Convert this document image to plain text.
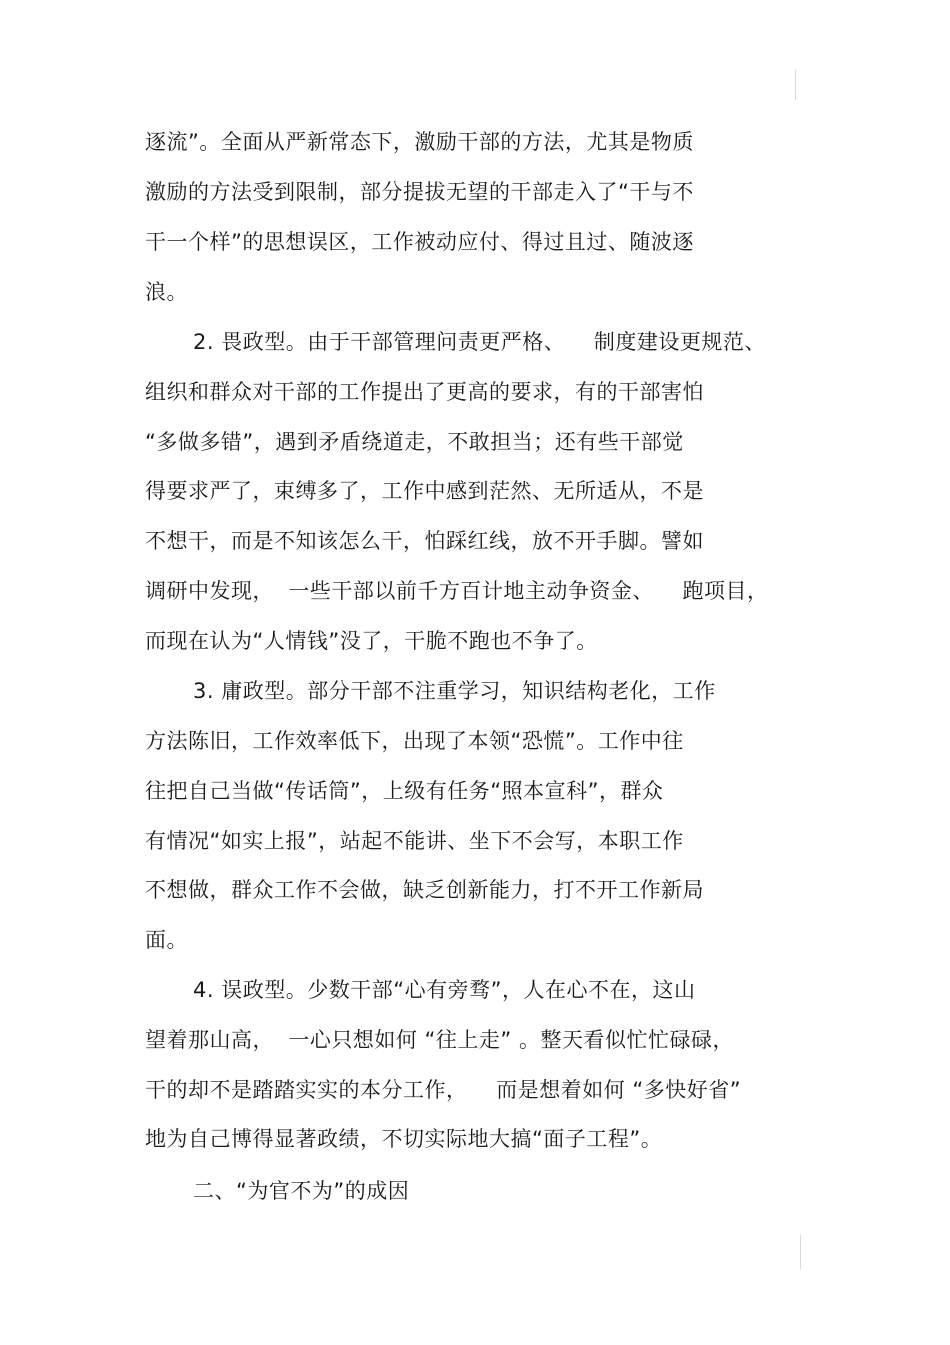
逐流”。全面从严新常态下，激励干部的方法，尤其是物质
激励的方法受到限制，部分提拔无望的干部走入了“干与不
干一个样”的思想误区，工作被动应付、得过且过、随波逐
浪。
2. 畏政型。由于干部管理问责更严格、    制度建设更规范、
组织和群众对干部的工作提出了更高的要求，有的干部害怕
“多做多错”，遇到矛盾绕道走，不敢担当；还有些干部觉
得要求严了，束缚多了，工作中感到茫然、无所适从，不是
不想干，而是不知该怎么干，怕踩红线，放不开手脚。譬如
调研中发现，  一些干部以前千方百计地主动争资金、    跑项目，
而现在认为“人情钱”没了，干脆不跑也不争了。
3. 庸政型。部分干部不注重学习，知识结构老化，工作
方法陈旧，工作效率低下，出现了本领“恐慌”。工作中往
往把自己当做“传话筒”，上级有任务“照本宣科”，群众
有情况“如实上报”，站起不能讲、坐下不会写，本职工作
不想做，群众工作不会做，缺乏创新能力，打不开工作新局
面。
4. 误政型。少数干部“心有旁骛”，人在心不在，这山
望着那山高，  一心只想如何 “往上走” 。整天看似忙忙碌碌，
干的却不是踏踏实实的本分工作，    而是想着如何 “多快好省”
地为自己博得显著政绩，不切实际地大搞“面子工程”。
二、“为官不为”的成因
